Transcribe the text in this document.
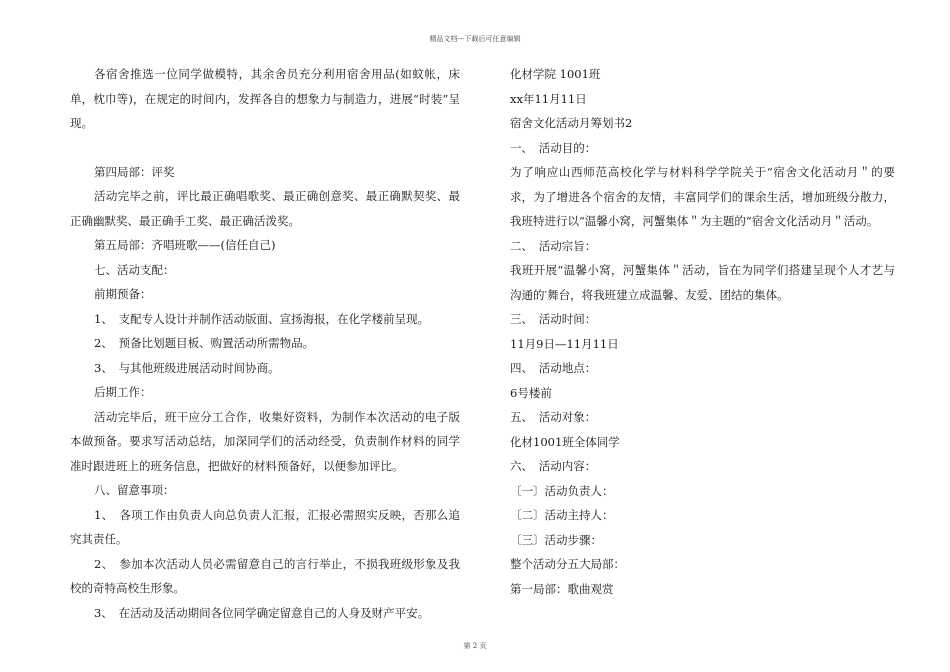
精品文档---下载后可任意编辑

各宿舍推选一位同学做模特，其余舍员充分利用宿舍用品(如蚊帐，床单，枕巾等)，在规定的时间内，发挥各自的想象力与制造力，进展“时装”呈现。

第四局部：评奖

活动完毕之前，评比最正确唱歌奖、最正确创意奖、最正确默契奖、最正确幽默奖、最正确手工奖、最正确活泼奖。

第五局部：齐唱班歌——(信任自己)

七、活动支配：

前期预备：

1、　支配专人设计并制作活动版面、宣扬海报，在化学楼前呈现。

2、　预备比划题目板、购置活动所需物品。

3、　与其他班级进展活动时间协商。

后期工作：

活动完毕后，班干应分工合作，收集好资料，为制作本次活动的电子版本做预备。要求写活动总结，加深同学们的活动经受，负责制作材料的同学准时跟进班上的班务信息，把做好的材料预备好，以便参加评比。

八、留意事项：

1、　各项工作由负责人向总负责人汇报，汇报必需照实反映，否那么追究其责任。

2、　参加本次活动人员必需留意自己的言行举止，不损我班级形象及我校的奇特高校生形象。

3、　在活动及活动期间各位同学确定留意自己的人身及财产平安。

化材学院 1001班

xx年11月11日

宿舍文化活动月筹划书2

一、　活动目的：

为了响应山西师范高校化学与材料科学学院关于“宿舍文化活动月＂的要求，为了增进各个宿舍的友情，丰富同学们的课余生活，增加班级分散力，我班特进行以“温馨小窝，河蟹集体＂为主题的“宿舍文化活动月＂活动。

二、　活动宗旨：

我班开展“温馨小窝，河蟹集体＂活动，旨在为同学们搭建呈现个人才艺与沟通的′舞台，将我班建立成温馨、友爱、团结的集体。

三、　活动时间：

11月9日—11月11日

四、　活动地点：

6号楼前

五、　活动对象：

化材1001班全体同学

六、　活动内容：

〔一〕活动负责人：

〔二〕活动主持人：

〔三〕活动步骤：

整个活动分五大局部：

第一局部：歌曲观赏

第 2 页
